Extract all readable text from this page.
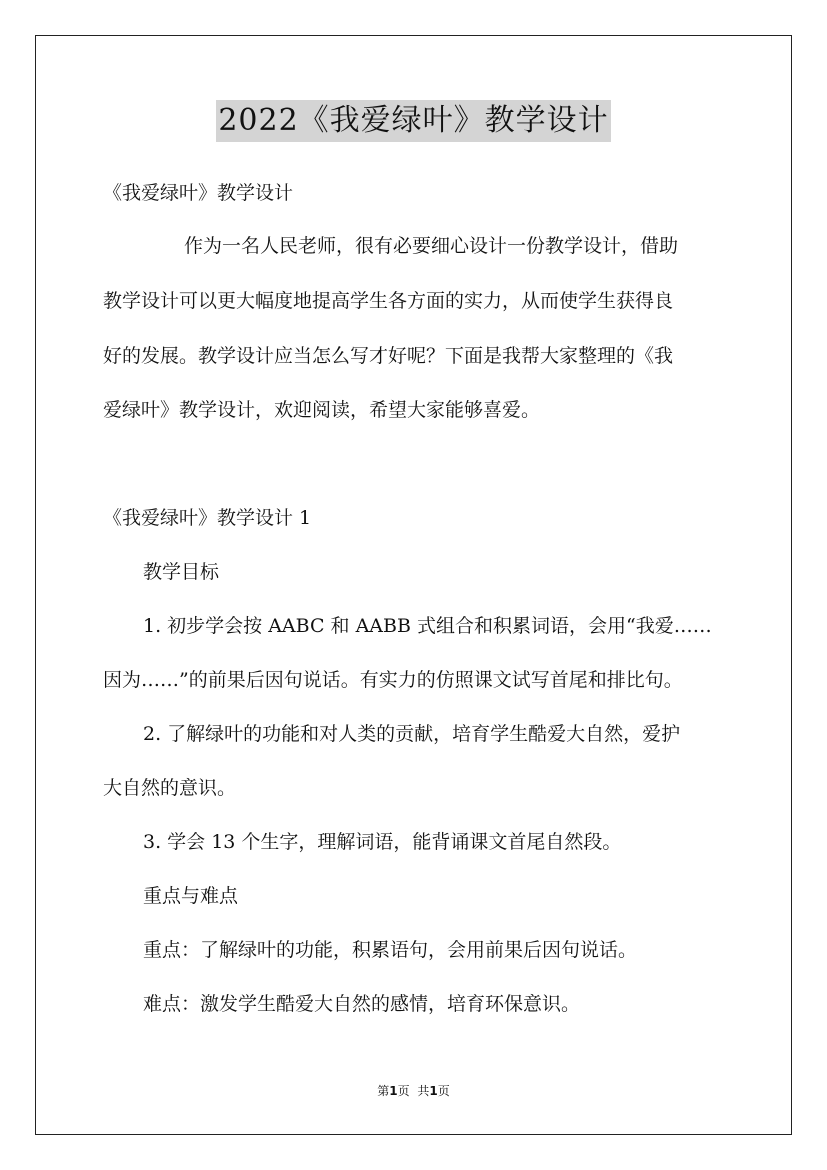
2022《我爱绿叶》教学设计
《我爱绿叶》教学设计
作为一名人民老师，很有必要细心设计一份教学设计，借助
教学设计可以更大幅度地提高学生各方面的实力，从而使学生获得良
好的发展。教学设计应当怎么写才好呢？下面是我帮大家整理的《我
爱绿叶》教学设计，欢迎阅读，希望大家能够喜爱。
《我爱绿叶》教学设计 1
教学目标
1. 初步学会按 AABC 和 AABB 式组合和积累词语，会用“我爱……
因为……”的前果后因句说话。有实力的仿照课文试写首尾和排比句。
2. 了解绿叶的功能和对人类的贡献，培育学生酷爱大自然，爱护
大自然的意识。
3. 学会 13 个生字，理解词语，能背诵课文首尾自然段。
重点与难点
重点：了解绿叶的功能，积累语句，会用前果后因句说话。
难点：激发学生酷爱大自然的感情，培育环保意识。
第1页 共1页
